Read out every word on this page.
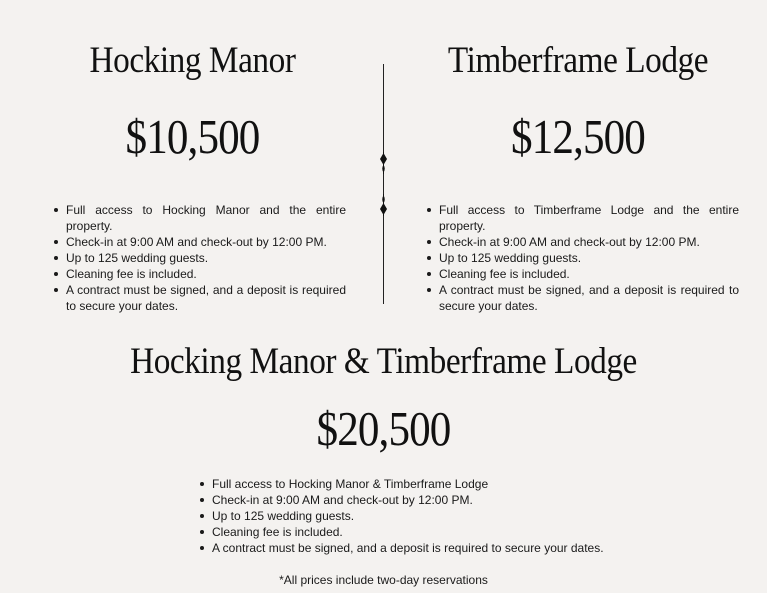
Hocking Manor
$10,500
Full access to Hocking Manor and the entire property.
Check-in at 9:00 AM and check-out by 12:00 PM.
Up to 125 wedding guests.
Cleaning fee is included.
A contract must be signed, and a deposit is required to secure your dates.
Timberframe Lodge
$12,500
Full access to Timberframe Lodge and the entire property.
Check-in at 9:00 AM and check-out by 12:00 PM.
Up to 125 wedding guests.
Cleaning fee is included.
A contract must be signed, and a deposit is required to secure your dates.
Hocking Manor & Timberframe Lodge
$20,500
Full access to Hocking Manor & Timberframe Lodge
Check-in at 9:00 AM and check-out by 12:00 PM.
Up to 125 wedding guests.
Cleaning fee is included.
A contract must be signed, and a deposit is required to secure your dates.
*All prices include two-day reservations
